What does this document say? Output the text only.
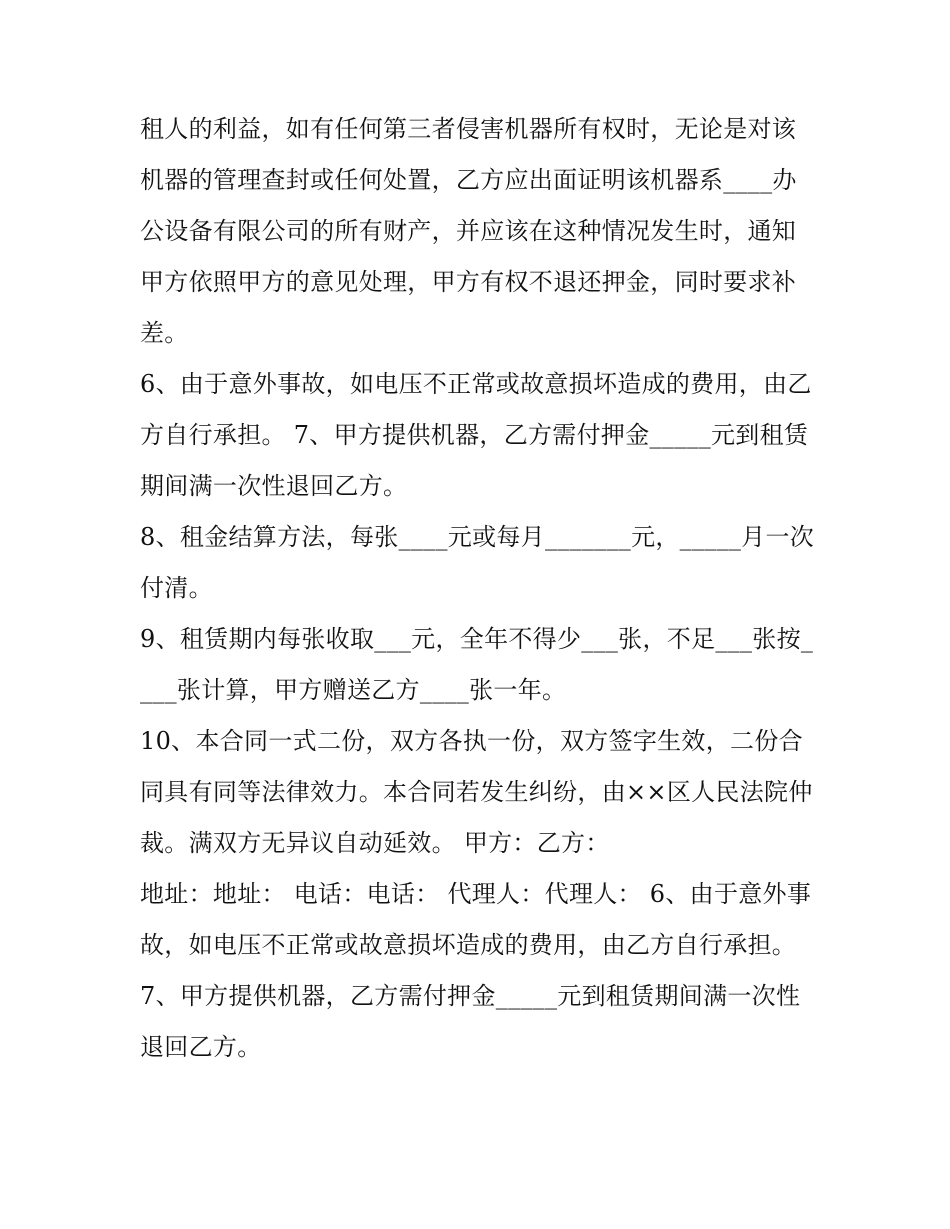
租人的利益，如有任何第三者侵害机器所有权时，无论是对该机器的管理查封或任何处置，乙方应出面证明该机器系____办公设备有限公司的所有财产，并应该在这种情况发生时，通知甲方依照甲方的意见处理，甲方有权不退还押金，同时要求补差。

6、由于意外事故，如电压不正常或故意损坏造成的费用，由乙方自行承担。 7、甲方提供机器，乙方需付押金_____元到租赁期间满一次性退回乙方。

8、租金结算方法，每张____元或每月_______元，_____月一次付清。

9、租赁期内每张收取___元，全年不得少___张，不足___张按____张计算，甲方赠送乙方____张一年。

10、本合同一式二份，双方各执一份，双方签字生效，二份合同具有同等法律效力。本合同若发生纠纷，由××区人民法院仲裁。满双方无异议自动延效。 甲方：乙方：

地址：地址： 电话：电话： 代理人：代理人： 6、由于意外事故，如电压不正常或故意损坏造成的费用，由乙方自行承担。

7、甲方提供机器，乙方需付押金_____元到租赁期间满一次性退回乙方。
